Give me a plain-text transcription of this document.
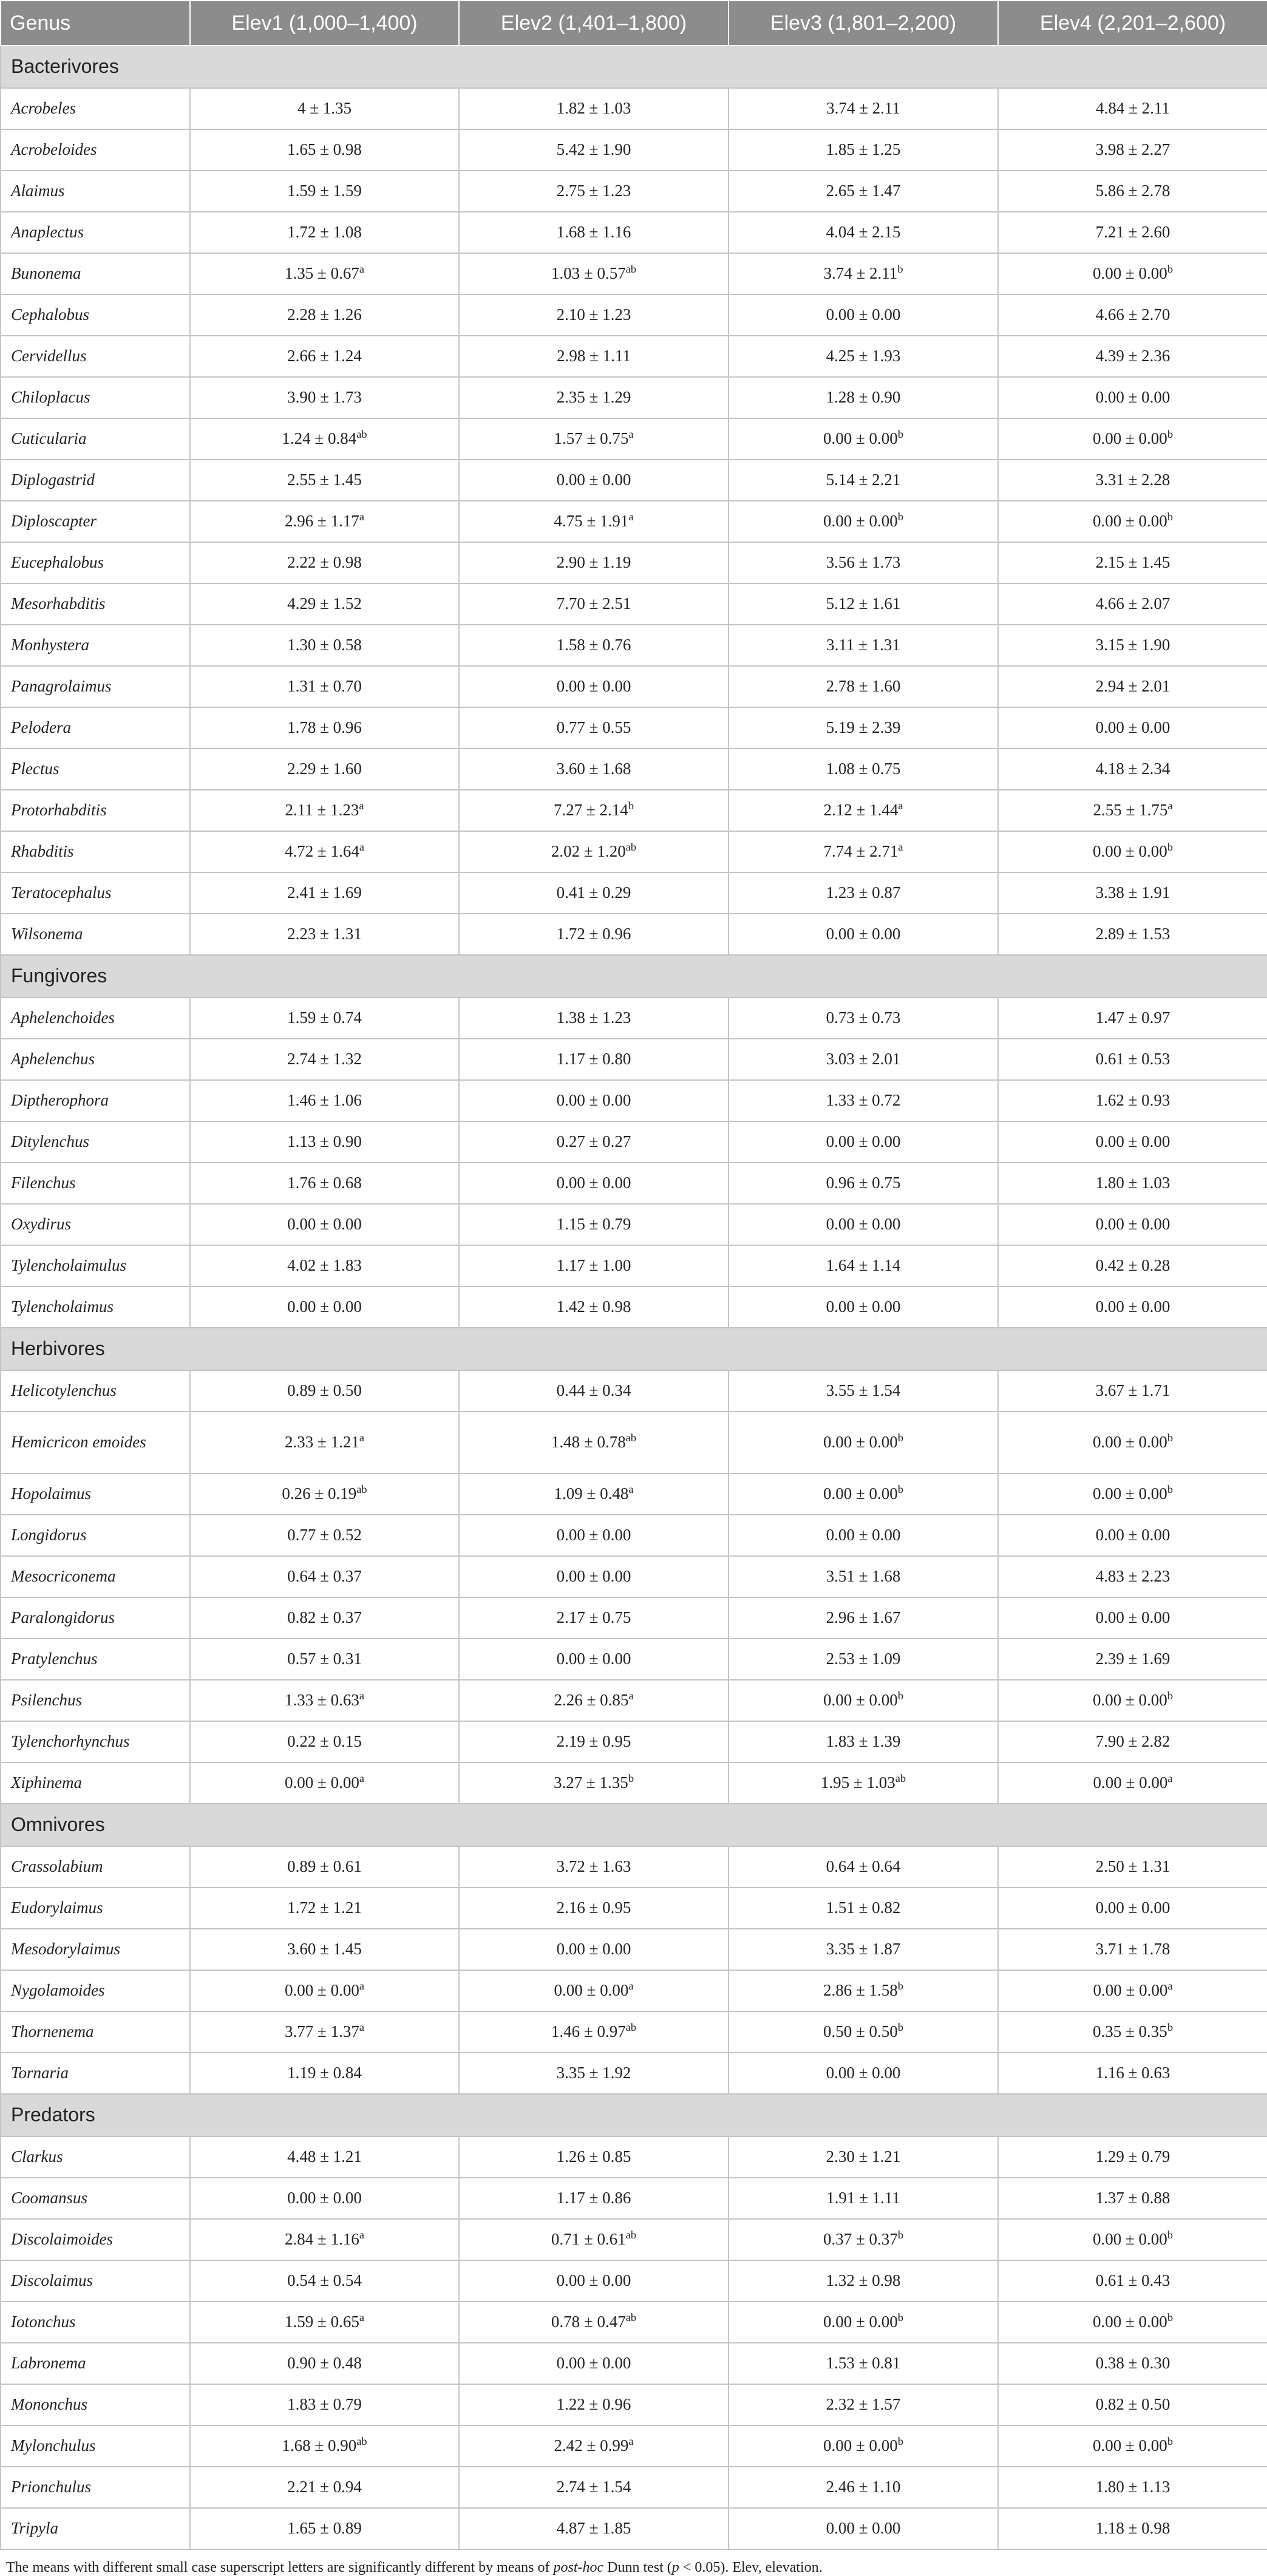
Genus	Elev1 (1,000–1,400)	Elev2 (1,401–1,800)	Elev3 (1,801–2,200)	Elev4 (2,201–2,600)
Bacterivores				
Acrobeles	4 ± 1.35	1.82 ± 1.03	3.74 ± 2.11	4.84 ± 2.11
Acrobeloides	1.65 ± 0.98	5.42 ± 1.90	1.85 ± 1.25	3.98 ± 2.27
Alaimus	1.59 ± 1.59	2.75 ± 1.23	2.65 ± 1.47	5.86 ± 2.78
Anaplectus	1.72 ± 1.08	1.68 ± 1.16	4.04 ± 2.15	7.21 ± 2.60
Bunonema	1.35 ± 0.67$^a$	1.03 ± 0.57$^{ab}$	3.74 ± 2.11$^b$	0.00 ± 0.00$^b$
Cephalobus	2.28 ± 1.26	2.10 ± 1.23	0.00 ± 0.00	4.66 ± 2.70
Cervidellus	2.66 ± 1.24	2.98 ± 1.11	4.25 ± 1.93	4.39 ± 2.36
Chiloplacus	3.90 ± 1.73	2.35 ± 1.29	1.28 ± 0.90	0.00 ± 0.00
Cuticularia	1.24 ± 0.84$^{ab}$	1.57 ± 0.75$^a$	0.00 ± 0.00$^b$	0.00 ± 0.00$^b$
Diplogastrid	2.55 ± 1.45	0.00 ± 0.00	5.14 ± 2.21	3.31 ± 2.28
Diploscapter	2.96 ± 1.17$^a$	4.75 ± 1.91$^a$	0.00 ± 0.00$^b$	0.00 ± 0.00$^b$
Eucephalobus	2.22 ± 0.98	2.90 ± 1.19	3.56 ± 1.73	2.15 ± 1.45
Mesorhabditis	4.29 ± 1.52	7.70 ± 2.51	5.12 ± 1.61	4.66 ± 2.07
Monhystera	1.30 ± 0.58	1.58 ± 0.76	3.11 ± 1.31	3.15 ± 1.90
Panagrolaimus	1.31 ± 0.70	0.00 ± 0.00	2.78 ± 1.60	2.94 ± 2.01
Pelodera	1.78 ± 0.96	0.77 ± 0.55	5.19 ± 2.39	0.00 ± 0.00
Plectus	2.29 ± 1.60	3.60 ± 1.68	1.08 ± 0.75	4.18 ± 2.34
Protorhabditis	2.11 ± 1.23$^a$	7.27 ± 2.14$^b$	2.12 ± 1.44$^a$	2.55 ± 1.75$^a$
Rhabditis	4.72 ± 1.64$^a$	2.02 ± 1.20$^{ab}$	7.74 ± 2.71$^a$	0.00 ± 0.00$^b$
Teratocephalus	2.41 ± 1.69	0.41 ± 0.29	1.23 ± 0.87	3.38 ± 1.91
Wilsonema	2.23 ± 1.31	1.72 ± 0.96	0.00 ± 0.00	2.89 ± 1.53
Fungivores				
Aphelenchoides	1.59 ± 0.74	1.38 ± 1.23	0.73 ± 0.73	1.47 ± 0.97
Aphelenchus	2.74 ± 1.32	1.17 ± 0.80	3.03 ± 2.01	0.61 ± 0.53
Diptherophora	1.46 ± 1.06	0.00 ± 0.00	1.33 ± 0.72	1.62 ± 0.93
Ditylenchus	1.13 ± 0.90	0.27 ± 0.27	0.00 ± 0.00	0.00 ± 0.00
Filenchus	1.76 ± 0.68	0.00 ± 0.00	0.96 ± 0.75	1.80 ± 1.03
Oxydirus	0.00 ± 0.00	1.15 ± 0.79	0.00 ± 0.00	0.00 ± 0.00
Tylencholaimulus	4.02 ± 1.83	1.17 ± 1.00	1.64 ± 1.14	0.42 ± 0.28
Tylencholaimus	0.00 ± 0.00	1.42 ± 0.98	0.00 ± 0.00	0.00 ± 0.00
Herbivores				
Helicotylenchus	0.89 ± 0.50	0.44 ± 0.34	3.55 ± 1.54	3.67 ± 1.71
Hemicricon emoides	2.33 ± 1.21$^a$	1.48 ± 0.78$^{ab}$	0.00 ± 0.00$^b$	0.00 ± 0.00$^b$
Hopolaimus	0.26 ± 0.19$^{ab}$	1.09 ± 0.48$^a$	0.00 ± 0.00$^b$	0.00 ± 0.00$^b$
Longidorus	0.77 ± 0.52	0.00 ± 0.00	0.00 ± 0.00	0.00 ± 0.00
Mesocriconema	0.64 ± 0.37	0.00 ± 0.00	3.51 ± 1.68	4.83 ± 2.23
Paralongidorus	0.82 ± 0.37	2.17 ± 0.75	2.96 ± 1.67	0.00 ± 0.00
Pratylenchus	0.57 ± 0.31	0.00 ± 0.00	2.53 ± 1.09	2.39 ± 1.69
Psilenchus	1.33 ± 0.63$^a$	2.26 ± 0.85$^a$	0.00 ± 0.00$^b$	0.00 ± 0.00$^b$
Tylenchorhynchus	0.22 ± 0.15	2.19 ± 0.95	1.83 ± 1.39	7.90 ± 2.82
Xiphinema	0.00 ± 0.00$^a$	3.27 ± 1.35$^b$	1.95 ± 1.03$^{ab}$	0.00 ± 0.00$^a$
Omnivores				
Crassolabium	0.89 ± 0.61	3.72 ± 1.63	0.64 ± 0.64	2.50 ± 1.31
Eudorylaimus	1.72 ± 1.21	2.16 ± 0.95	1.51 ± 0.82	0.00 ± 0.00
Mesodorylaimus	3.60 ± 1.45	0.00 ± 0.00	3.35 ± 1.87	3.71 ± 1.78
Nygolamoides	0.00 ± 0.00$^a$	0.00 ± 0.00$^a$	2.86 ± 1.58$^b$	0.00 ± 0.00$^a$
Thornenema	3.77 ± 1.37$^a$	1.46 ± 0.97$^{ab}$	0.50 ± 0.50$^b$	0.35 ± 0.35$^b$
Tornaria	1.19 ± 0.84	3.35 ± 1.92	0.00 ± 0.00	1.16 ± 0.63
Predators				
Clarkus	4.48 ± 1.21	1.26 ± 0.85	2.30 ± 1.21	1.29 ± 0.79
Coomansus	0.00 ± 0.00	1.17 ± 0.86	1.91 ± 1.11	1.37 ± 0.88
Discolaimoides	2.84 ± 1.16$^a$	0.71 ± 0.61$^{ab}$	0.37 ± 0.37$^b$	0.00 ± 0.00$^b$
Discolaimus	0.54 ± 0.54	0.00 ± 0.00	1.32 ± 0.98	0.61 ± 0.43
Iotonchus	1.59 ± 0.65$^a$	0.78 ± 0.47$^{ab}$	0.00 ± 0.00$^b$	0.00 ± 0.00$^b$
Labronema	0.90 ± 0.48	0.00 ± 0.00	1.53 ± 0.81	0.38 ± 0.30
Mononchus	1.83 ± 0.79	1.22 ± 0.96	2.32 ± 1.57	0.82 ± 0.50
Mylonchulus	1.68 ± 0.90$^{ab}$	2.42 ± 0.99$^a$	0.00 ± 0.00$^b$	0.00 ± 0.00$^b$
Prionchulus	2.21 ± 0.94	2.74 ± 1.54	2.46 ± 1.10	1.80 ± 1.13
Tripyla	1.65 ± 0.89	4.87 ± 1.85	0.00 ± 0.00	1.18 ± 0.98
The means with different small case superscript letters are significantly different by means of post-hoc Dunn test (p < 0.05). Elev, elevation.
